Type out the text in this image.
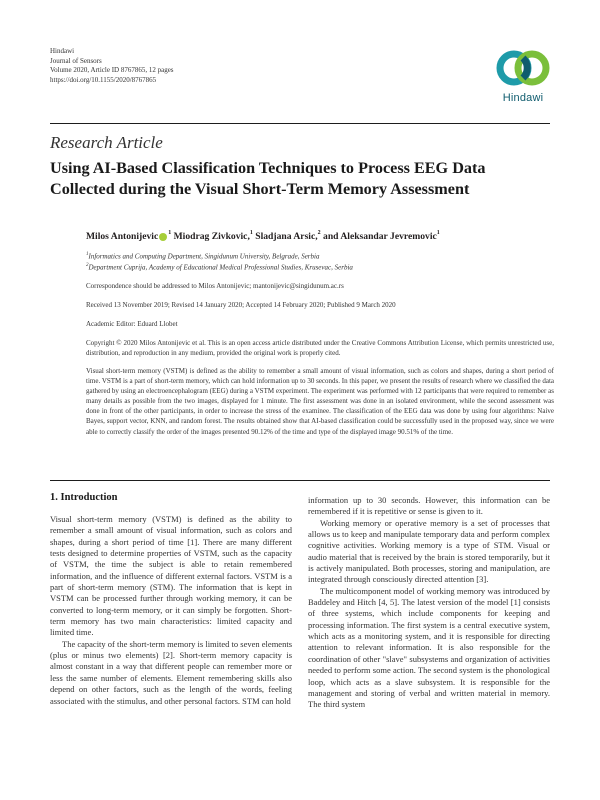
Hindawi
Journal of Sensors
Volume 2020, Article ID 8767865, 12 pages
https://doi.org/10.1155/2020/8767865
Hindawi
Research Article
Using AI-Based Classification Techniques to Process EEG Data Collected during the Visual Short-Term Memory Assessment
Milos Antonijevic $^1$ Miodrag Zivkovic,$^1$ Sladjana Arsic,$^2$ and Aleksandar Jevremovic$^1$
$^1$Informatics and Computing Department, Singidunum University, Belgrade, Serbia
$^2$Department Cuprija, Academy of Educational Medical Professional Studies, Krusevac, Serbia
Correspondence should be addressed to Milos Antonijevic; mantonijevic@singidunum.ac.rs
Received 13 November 2019; Revised 14 January 2020; Accepted 14 February 2020; Published 9 March 2020
Academic Editor: Eduard Llobet
Copyright © 2020 Milos Antonijevic et al. This is an open access article distributed under the Creative Commons Attribution License, which permits unrestricted use, distribution, and reproduction in any medium, provided the original work is properly cited.
Visual short-term memory (VSTM) is defined as the ability to remember a small amount of visual information, such as colors and shapes, during a short period of time. VSTM is a part of short-term memory, which can hold information up to 30 seconds. In this paper, we present the results of research where we classified the data gathered by using an electroencephalogram (EEG) during a VSTM experiment. The experiment was performed with 12 participants that were required to remember as many details as possible from the two images, displayed for 1 minute. The first assessment was done in an isolated environment, while the second assessment was done in front of the other participants, in order to increase the stress of the examinee. The classification of the EEG data was done by using four algorithms: Naive Bayes, support vector, KNN, and random forest. The results obtained show that AI-based classification could be successfully used in the proposed way, since we were able to correctly classify the order of the images presented 90.12% of the time and type of the displayed image 90.51% of the time.
1. Introduction

Visual short-term memory (VSTM) is defined as the ability to remember a small amount of visual information, such as colors and shapes, during a short period of time [1]. There are many different tests designed to determine properties of VSTM, such as the capacity of VSTM, the time the subject is able to retain remembered information, and the influence of different external factors. VSTM is a part of short-term memory (STM). The information that is kept in VSTM can be processed further through working memory, it can be converted to long-term memory, or it can simply be forgotten. Short-term memory has two main characteristics: limited capacity and limited time.

The capacity of the short-term memory is limited to seven elements (plus or minus two elements) [2]. Short-term memory capacity is almost constant in a way that different people can remember more or less the same number of elements. Element remembering skills also depend on other factors, such as the length of the words, feeling associated with the stimulus, and other personal factors. STM can hold

information up to 30 seconds. However, this information can be remembered if it is repetitive or sense is given to it.

Working memory or operative memory is a set of processes that allows us to keep and manipulate temporary data and perform complex cognitive activities. Working memory is a type of STM. Visual or audio material that is received by the brain is stored temporarily, but it is actively manipulated. Both processes, storing and manipulation, are integrated through consciously directed attention [3].

The multicomponent model of working memory was introduced by Baddeley and Hitch [4, 5]. The latest version of the model [1] consists of three systems, which include components for keeping and processing information. The first system is a central executive system, which acts as a monitoring system, and it is responsible for directing attention to relevant information. It is also responsible for the coordination of other "slave" subsystems and organization of activities needed to perform some action. The second system is the phonological loop, which acts as a slave subsystem. It is responsible for the management and storing of verbal and written material in memory. The third system
